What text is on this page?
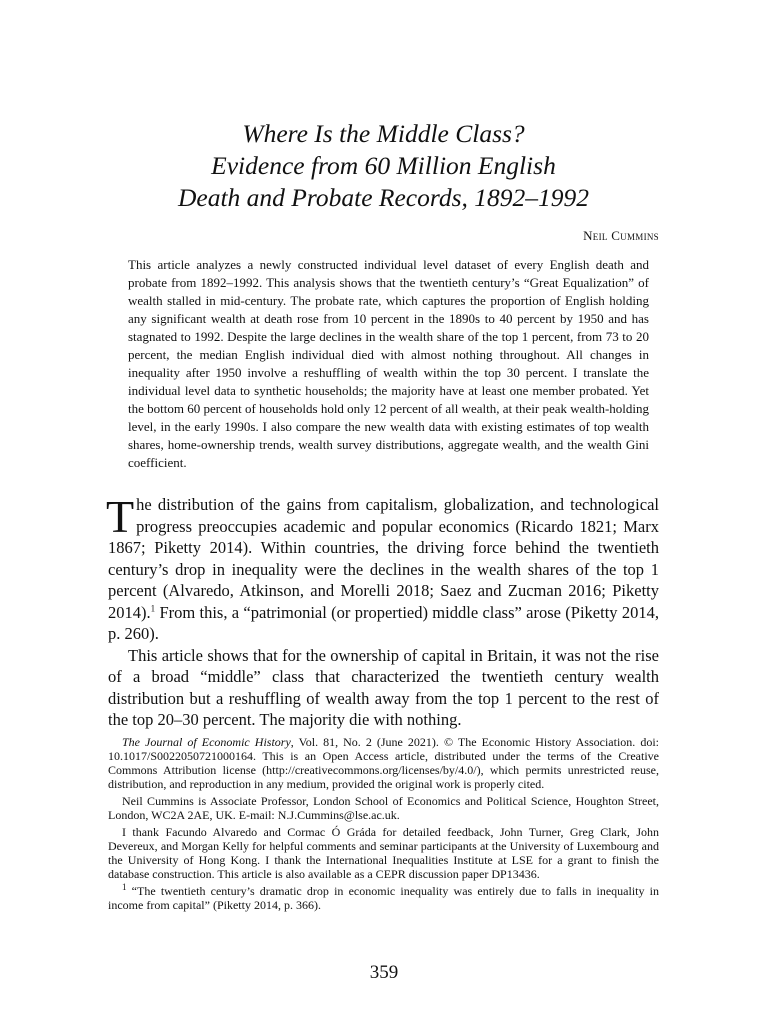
Where Is the Middle Class?
Evidence from 60 Million English
Death and Probate Records, 1892–1992
Neil Cummins
This article analyzes a newly constructed individual level dataset of every English death and probate from 1892–1992. This analysis shows that the twentieth century’s “Great Equalization” of wealth stalled in mid-century. The probate rate, which captures the proportion of English holding any significant wealth at death rose from 10 percent in the 1890s to 40 percent by 1950 and has stagnated to 1992. Despite the large declines in the wealth share of the top 1 percent, from 73 to 20 percent, the median English individual died with almost nothing throughout. All changes in inequality after 1950 involve a reshuffling of wealth within the top 30 percent. I translate the individual level data to synthetic households; the majority have at least one member probated. Yet the bottom 60 percent of households hold only 12 percent of all wealth, at their peak wealth-holding level, in the early 1990s. I also compare the new wealth data with existing estimates of top wealth shares, home-ownership trends, wealth survey distributions, aggregate wealth, and the wealth Gini coefficient.

The distribution of the gains from capitalism, globalization, and technological progress preoccupies academic and popular economics (Ricardo 1821; Marx 1867; Piketty 2014). Within countries, the driving force behind the twentieth century’s drop in inequality were the declines in the wealth shares of the top 1 percent (Alvaredo, Atkinson, and Morelli 2018; Saez and Zucman 2016; Piketty 2014).$^1$ From this, a “patrimonial (or propertied) middle class” arose (Piketty 2014, p. 260).

This article shows that for the ownership of capital in Britain, it was not the rise of a broad “middle” class that characterized the twentieth century wealth distribution but a reshuffling of wealth away from the top 1 percent to the rest of the top 20–30 percent. The majority die with nothing.

The Journal of Economic History, Vol. 81, No. 2 (June 2021). © The Economic History Association. doi: 10.1017/S0022050721000164. This is an Open Access article, distributed under the terms of the Creative Commons Attribution license (http://creativecommons.org/licenses/by/4.0/), which permits unrestricted reuse, distribution, and reproduction in any medium, provided the original work is properly cited.

Neil Cummins is Associate Professor, London School of Economics and Political Science, Houghton Street, London, WC2A 2AE, UK. E-mail: N.J.Cummins@lse.ac.uk.

I thank Facundo Alvaredo and Cormac Ó Gráda for detailed feedback, John Turner, Greg Clark, John Devereux, and Morgan Kelly for helpful comments and seminar participants at the University of Luxembourg and the University of Hong Kong. I thank the International Inequalities Institute at LSE for a grant to finish the database construction. This article is also available as a CEPR discussion paper DP13436.

$^1$ “The twentieth century’s dramatic drop in economic inequality was entirely due to falls in inequality in income from capital” (Piketty 2014, p. 366).

359
